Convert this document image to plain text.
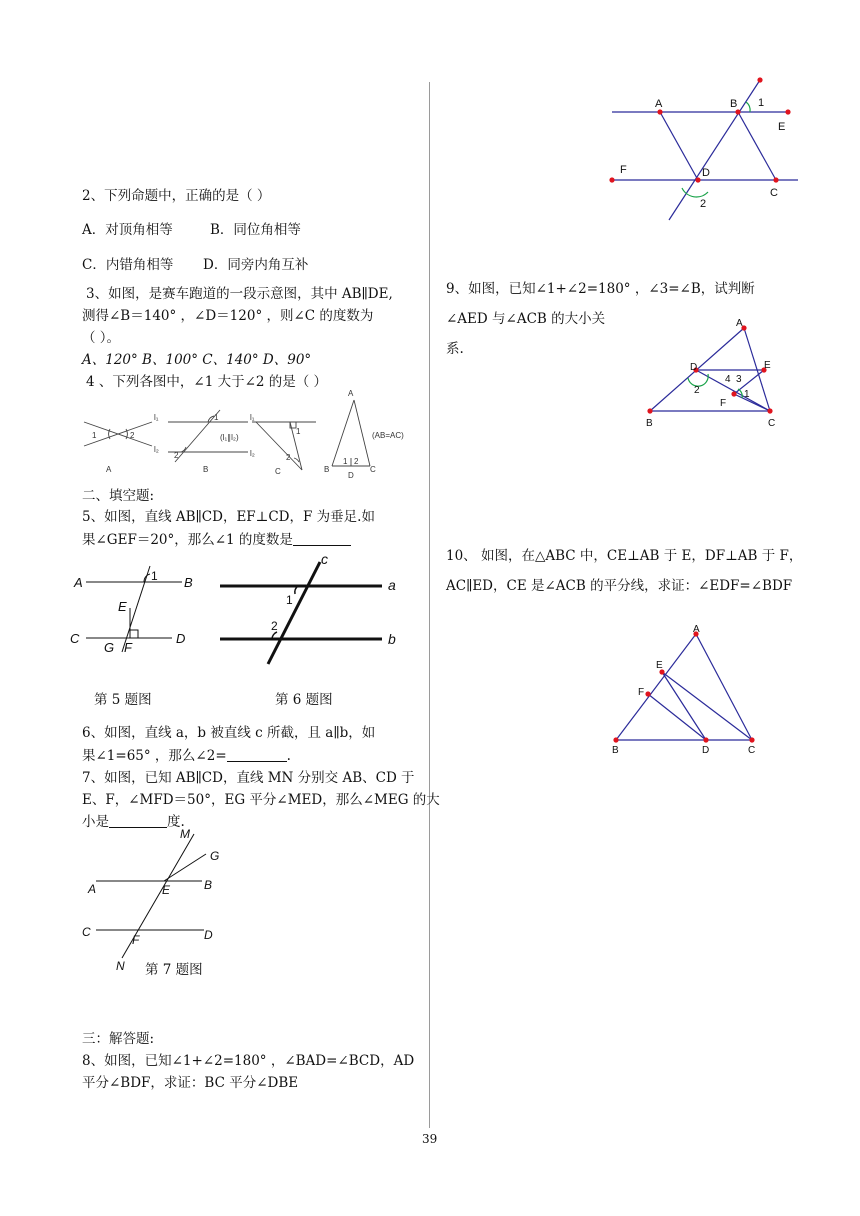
2、下列命题中，正确的是（ ）
A．对顶角相等	B．同位角相等
C．内错角相等 D．同旁内角互补
3、如图，是赛车跑道的一段示意图，其中 AB∥DE,
测得∠B＝140° ，∠D＝120° ，则∠C 的度数为
（ ）。
A、120° B、100° C、140° D、90°
4 、下列各图中，∠1 大于∠2 的是（ ）
1	2
l₁
l₂
1
2
l₁
l₂
(l₁∥l₂)
1
2
A
1 2
B	C
D
(AB=AC)
A	B	C
二、填空题:
5、如图，直线 AB∥CD，EF⊥CD，F 为垂足.如
果∠GEF＝20°，那么∠1 的度数是
A	B
1
E
C	D
G F
c
a
b
1
2
第 5 题图	第 6 题图
6、如图，直线 a，b 被直线 c 所截，且 a∥b，如
果∠1=65° ，那么∠2=	.
7、如图，已知 AB∥CD，直线 MN 分别交 AB、CD 于
E、F，∠MFD＝50°，EG 平分∠MED，那么∠MEG 的大
小是	度.
M
G
A	E	B
C
F	D
N 第 7 题图
三：解答题:
8、如图，已知∠1+∠2=180° ，∠BAD=∠BCD，AD
平分∠BDF，求证：BC 平分∠DBE
A	B 1
E
F	D
C
2
9、如图，已知∠1+∠2=180° ，∠3=∠B，试判断
∠AED 与∠ACB 的大小关
系.
A
D	E
4 3
2	1
F
B	C
10、 如图，在△ABC 中，CE⊥AB 于 E，DF⊥AB 于 F，
AC∥ED，CE 是∠ACB 的平分线，求证：∠EDF=∠BDF
A
E
F
B	D	C
39
